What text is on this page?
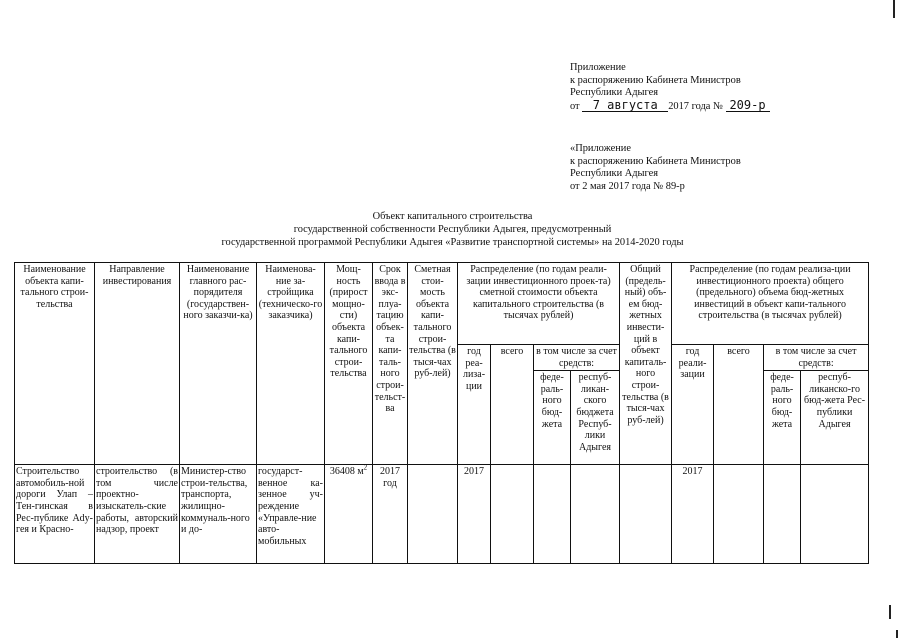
Приложение
к распоряжению Кабинета Министров
Республики Адыгея
от 7 августа 2017 года № 209-р
«Приложение
к распоряжению Кабинета Министров
Республики Адыгея
от 2 мая 2017 года № 89-р
Объект капитального строительства
государственной собственности Республики Адыгея, предусмотренный
государственной программой Республики Адыгея «Развитие транспортной системы» на 2014-2020 годы
Наименование объекта капи-тального строи-тельства	Направление инвестирования	Наименование главного рас-порядителя (государствен-ного заказчи-ка)	Наименова-ние за-стройщика (техническо-го заказчика)	Мощ-ность (прирост мощно-сти) объекта капи-тального строи-тельства	Срок ввода в экс-плуа-тацию объек-та капи-таль-ного строи-тельст-ва	Сметная стои-мость объекта капи-тального строи-тельства (в тыся-чах руб-лей)	Распределение (по годам реали-зации инвестиционного проек-та) сметной стоимости объекта капитального строительства (в тысячах рублей)				Общий (предель-ный) объ-ем бюд-жетных инвести-ций в объект капиталь-ного строи-тельства (в тыся-чах руб-лей)	Распределение (по годам реализа-ции инвестиционного проекта) общего (предельного) объема бюд-жетных инвестиций в объект капи-тального строительства (в тысячах рублей)			
							год реа-лиза-ции	всего	в том числе за счет средств:			год реали-зации	всего	в том числе за счет средств:	
									феде-раль-ного бюд-жета	респуб-ликан-ского бюджета Респуб-лики Адыгея				феде-раль-ного бюд-жета	респуб-ликанско-го бюд-жета Рес-публики Адыгея
Строительство автомобиль-ной дороги Улап – Тен-гинская в Рес-публике Ady-гея и Красно-	строительство (в том числе проектно-изыскатель-ские работы, авторский надзор, проект	Министер-ство строи-тельства, транспорта, жилищно-коммуналь-ного и до-	государст-венное ка-зенное уч-реждение «Управле-ние авто-мобильных	36408 $м^2$	2017 год		2017					2017			
